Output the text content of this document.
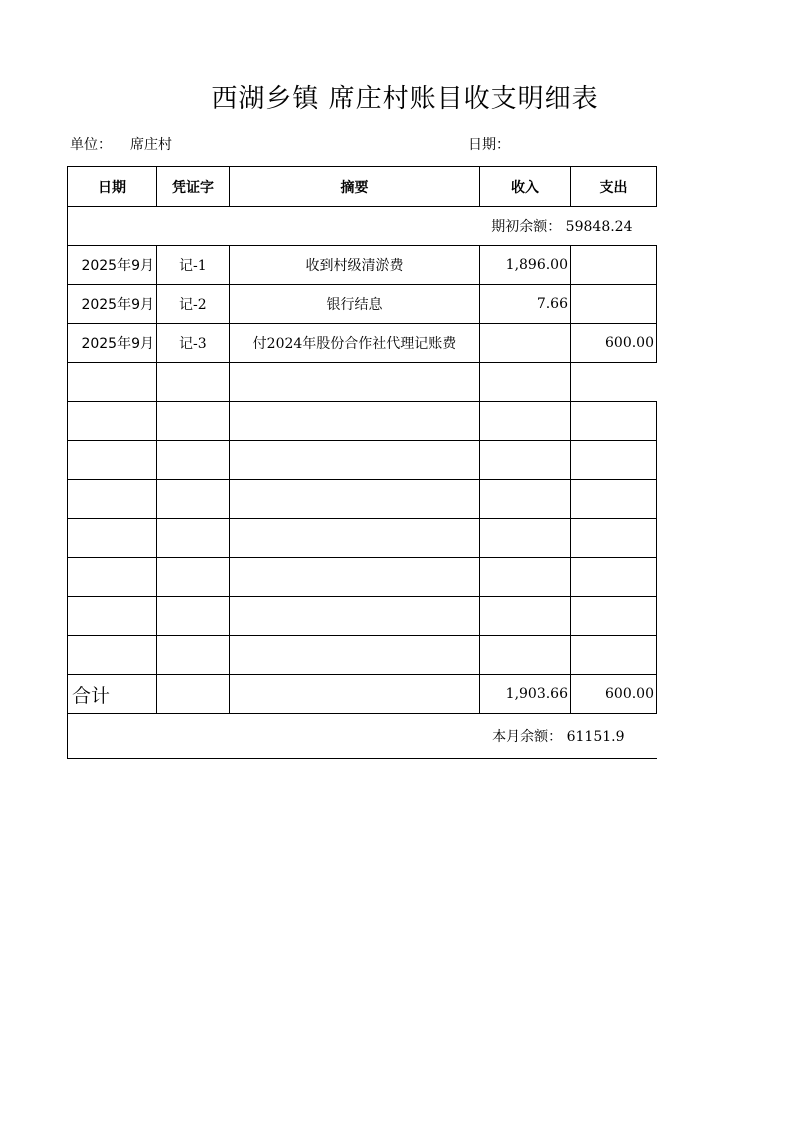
西湖乡镇 席庄村账目收支明细表
单位： 席庄村	日期：
日期	凭证字	摘要	收入	支出
期初余额： 59848.24				
2025年9月	记-1	收到村级清淤费	1,896.00	
2025年9月	记-2	银行结息	7.66	
2025年9月	记-3	付2024年股份合作社代理记账费		600.00

合计			1,903.66	600.00
本月余额： 61151.9				
